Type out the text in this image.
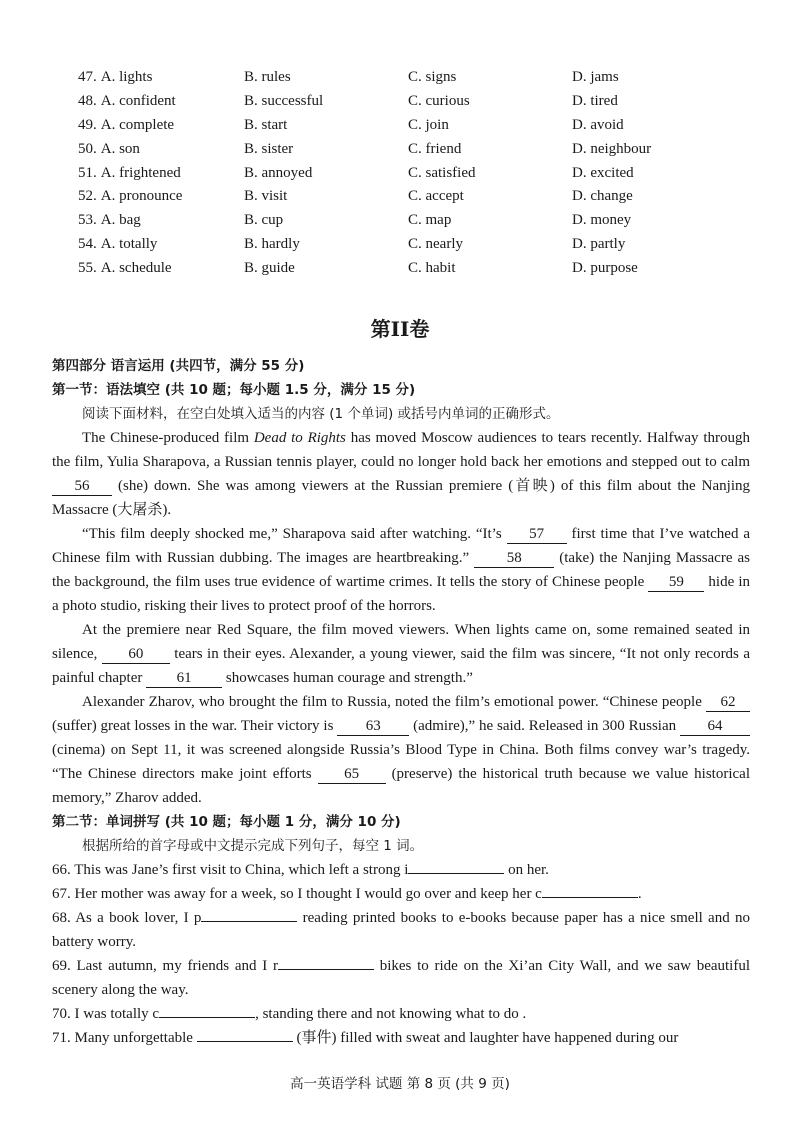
47. A. lights	B. rules	C. signs	D. jams
48. A. confident	B. successful	C. curious	D. tired
49. A. complete	B. start	C. join	D. avoid
50. A. son	B. sister	C. friend	D. neighbour
51. A. frightened	B. annoyed	C. satisfied	D. excited
52. A. pronounce	B. visit	C. accept	D. change
53. A. bag	B. cup	C. map	D. money
54. A. totally	B. hardly	C. nearly	D. partly
55. A. schedule	B. guide	C. habit	D. purpose
第II卷
第四部分 语言运用 (共四节，满分 55 分)
第一节：语法填空 (共 10 题；每小题 1.5 分，满分 15 分)
阅读下面材料，在空白处填入适当的内容 (1 个单词) 或括号内单词的正确形式。

The Chinese-produced film Dead to Rights has moved Moscow audiences to tears recently. Halfway through the film, Yulia Sharapova, a Russian tennis player, could no longer hold back her emotions and stepped out to calm 56 (she) down. She was among viewers at the Russian premiere (首映) of this film about the Nanjing Massacre (大屠杀).

“This film deeply shocked me,” Sharapova said after watching. “It’s 57 first time that I’ve watched a Chinese film with Russian dubbing. The images are heartbreaking.” 58 (take) the Nanjing Massacre as the background, the film uses true evidence of wartime crimes. It tells the story of Chinese people 59 hide in a photo studio, risking their lives to protect proof of the horrors.

At the premiere near Red Square, the film moved viewers. When lights came on, some remained seated in silence, 60 tears in their eyes. Alexander, a young viewer, said the film was sincere, “It not only records a painful chapter 61 showcases human courage and strength.”

Alexander Zharov, who brought the film to Russia, noted the film’s emotional power. “Chinese people 62 (suffer) great losses in the war. Their victory is 63 (admire),” he said. Released in 300 Russian 64 (cinema) on Sept 11, it was screened alongside Russia’s Blood Type in China. Both films convey war’s tragedy. “The Chinese directors make joint efforts 65 (preserve) the historical truth because we value historical memory,” Zharov added.

第二节：单词拼写 (共 10 题；每小题 1 分，满分 10 分)
根据所给的首字母或中文提示完成下列句子，每空 1 词。

66. This was Jane’s first visit to China, which left a strong i	on her.

67. Her mother was away for a week, so I thought I would go over and keep her c	.

68. As a book lover, I p	reading printed books to e-books because paper has a nice smell and no battery worry.

69. Last autumn, my friends and I r	bikes to ride on the Xi’an City Wall, and we saw beautiful scenery along the way.

70. I was totally c	, standing there and not knowing what to do .

71. Many unforgettable	(事件) filled with sweat and laughter have happened during our

高一英语学科 试题 第 8 页 (共 9 页)
